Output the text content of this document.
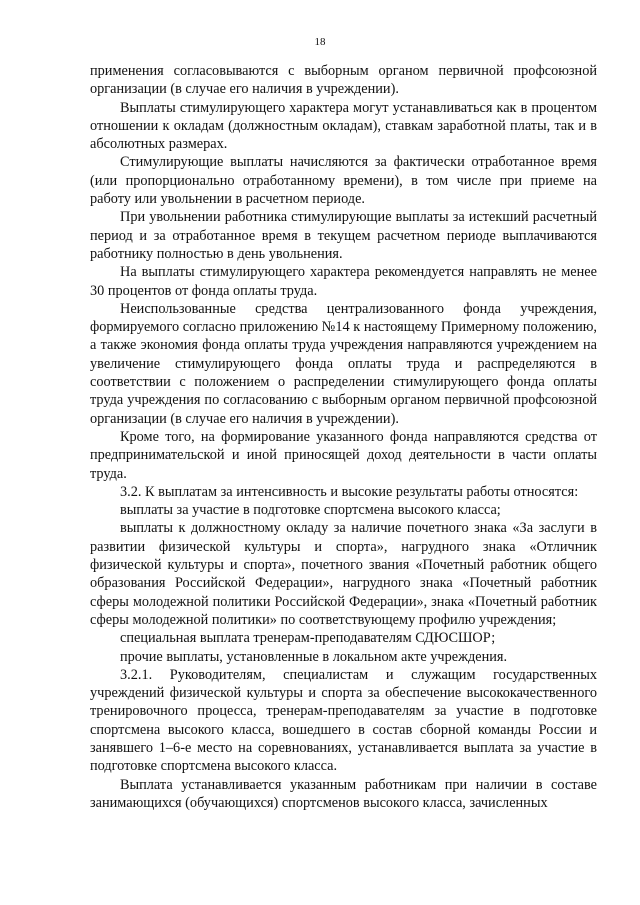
18

применения согласовываются с выборным органом первичной профсоюзной организации (в случае его наличия в учреждении).

Выплаты стимулирующего характера могут устанавливаться как в процентом отношении к окладам (должностным окладам), ставкам заработной платы, так и в абсолютных размерах.

Стимулирующие выплаты начисляются за фактически отработанное время (или пропорционально отработанному времени), в том числе при приеме на работу или увольнении в расчетном периоде.

При увольнении работника стимулирующие выплаты за истекший расчетный период и за отработанное время в текущем расчетном периоде выплачиваются работнику полностью в день увольнения.

На выплаты стимулирующего характера рекомендуется направлять не менее 30 процентов от фонда оплаты труда.

Неиспользованные средства централизованного фонда учреждения, формируемого согласно приложению №14 к настоящему Примерному положению, а также экономия фонда оплаты труда учреждения направляются учреждением на увеличение стимулирующего фонда оплаты труда и распределяются в соответствии с положением о распределении стимулирующего фонда оплаты труда учреждения по согласованию с выборным органом первичной профсоюзной организации (в случае его наличия в учреждении).

Кроме того, на формирование указанного фонда направляются средства от предпринимательской и иной приносящей доход деятельности в части оплаты труда.

3.2. К выплатам за интенсивность и высокие результаты работы относятся:

выплаты за участие в подготовке спортсмена высокого класса;

выплаты к должностному окладу за наличие почетного знака «За заслуги в развитии физической культуры и спорта», нагрудного знака «Отличник физической культуры и спорта», почетного звания «Почетный работник общего образования Российской Федерации», нагрудного знака «Почетный работник сферы молодежной политики Российской Федерации», знака «Почетный работник сферы молодежной политики» по соответствующему профилю учреждения;

специальная выплата тренерам-преподавателям СДЮСШОР;

прочие выплаты, установленные в локальном акте учреждения.

3.2.1. Руководителям, специалистам и служащим государственных учреждений физической культуры и спорта за обеспечение высококачественного тренировочного процесса, тренерам-преподавателям за участие в подготовке спортсмена высокого класса, вошедшего в состав сборной команды России и занявшего 1–6-е место на соревнованиях, устанавливается выплата за участие в подготовке спортсмена высокого класса.

Выплата устанавливается указанным работникам при наличии в составе занимающихся (обучающихся) спортсменов высокого класса, зачисленных
